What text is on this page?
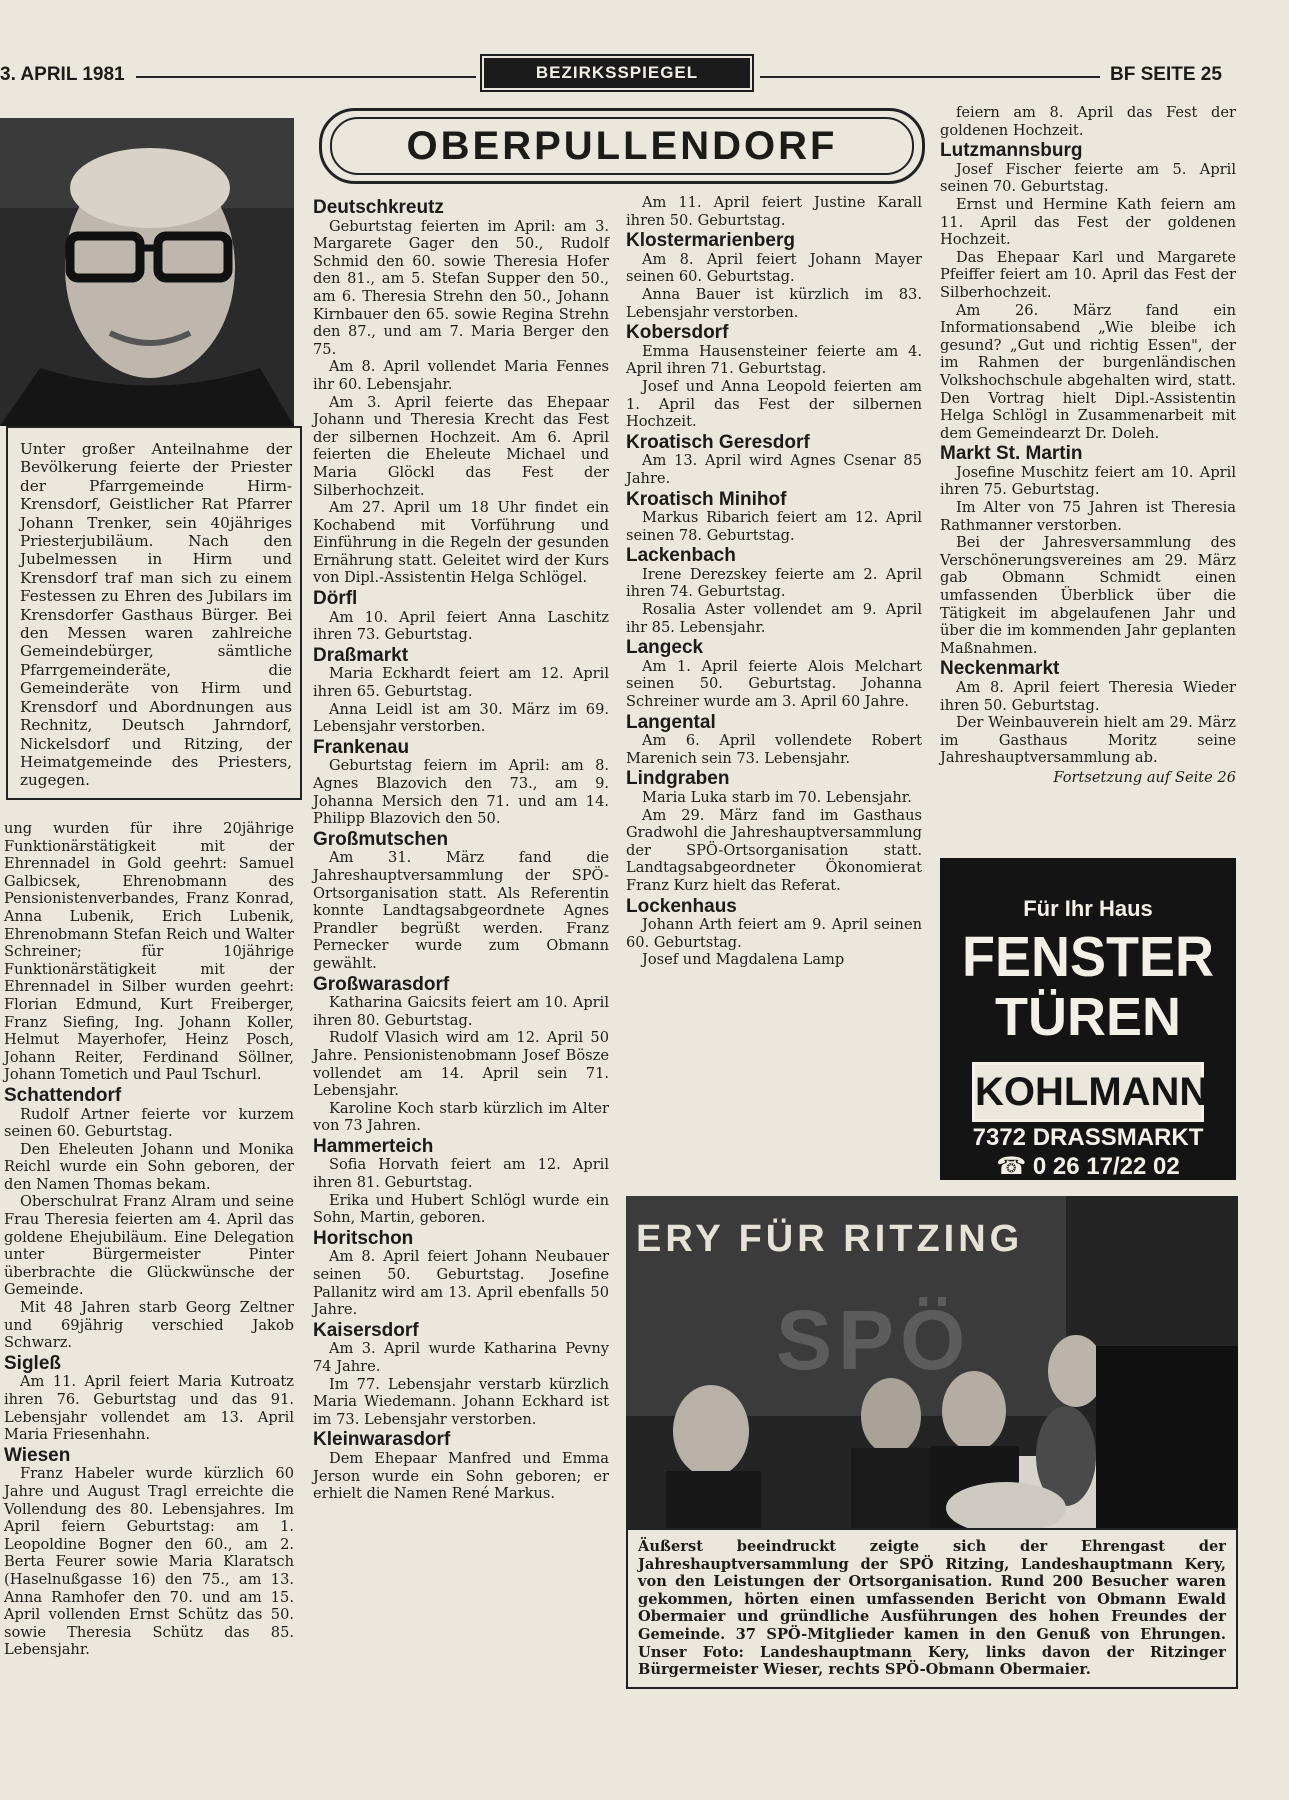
3. APRIL 1981	BEZIRKSSPIEGEL	BF SEITE 25
Unter großer Anteilnahme der Bevölkerung feierte der Priester der Pfarrgemeinde Hirm-Krensdorf, Geistlicher Rat Pfarrer Johann Trenker, sein 40jähriges Priesterjubiläum. Nach den Jubelmessen in Hirm und Krensdorf traf man sich zu einem Festessen zu Ehren des Jubilars im Krensdorfer Gasthaus Bürger. Bei den Messen waren zahlreiche Gemeindebürger, sämtliche Pfarrgemeinderäte, die Gemeinderäte von Hirm und Krensdorf und Abordnungen aus Rechnitz, Deutsch Jahrndorf, Nickelsdorf und Ritzing, der Heimatgemeinde des Priesters, zugegen.

ung wurden für ihre 20jährige Funktionärstätigkeit mit der Ehrennadel in Gold geehrt: Samuel Galbicsek, Ehrenobmann des Pensionistenverbandes, Franz Konrad, Anna Lubenik, Erich Lubenik, Ehrenobmann Stefan Reich und Walter Schreiner; für 10jährige Funktionärstätigkeit mit der Ehrennadel in Silber wurden geehrt: Florian Edmund, Kurt Freiberger, Franz Siefing, Ing. Johann Koller, Helmut Mayerhofer, Heinz Posch, Johann Reiter, Ferdinand Söllner, Johann Tometich und Paul Tschurl.

Schattendorf

Rudolf Artner feierte vor kurzem seinen 60. Geburtstag.

Den Eheleuten Johann und Monika Reichl wurde ein Sohn geboren, der den Namen Thomas bekam.

Oberschulrat Franz Alram und seine Frau Theresia feierten am 4. April das goldene Ehejubiläum. Eine Delegation unter Bürgermeister Pinter überbrachte die Glückwünsche der Gemeinde.

Mit 48 Jahren starb Georg Zeltner und 69jährig verschied Jakob Schwarz.

Sigleß

Am 11. April feiert Maria Kutroatz ihren 76. Geburtstag und das 91. Lebensjahr vollendet am 13. April Maria Friesenhahn.

Wiesen

Franz Habeler wurde kürzlich 60 Jahre und August Tragl erreichte die Vollendung des 80. Lebensjahres. Im April feiern Geburtstag: am 1. Leopoldine Bogner den 60., am 2. Berta Feurer sowie Maria Klaratsch (Haselnußgasse 16) den 75., am 13. Anna Ramhofer den 70. und am 15. April vollenden Ernst Schütz das 50. sowie Theresia Schütz das 85. Lebensjahr.

OBERPULLENDORF
Deutschkreutz

Geburtstag feierten im April: am 3. Margarete Gager den 50., Rudolf Schmid den 60. sowie Theresia Hofer den 81., am 5. Stefan Supper den 50., am 6. Theresia Strehn den 50., Johann Kirnbauer den 65. sowie Regina Strehn den 87., und am 7. Maria Berger den 75.

Am 8. April vollendet Maria Fennes ihr 60. Lebensjahr.

Am 3. April feierte das Ehepaar Johann und Theresia Krecht das Fest der silbernen Hochzeit. Am 6. April feierten die Eheleute Michael und Maria Glöckl das Fest der Silberhochzeit.

Am 27. April um 18 Uhr findet ein Kochabend mit Vorführung und Einführung in die Regeln der gesunden Ernährung statt. Geleitet wird der Kurs von Dipl.-Assistentin Helga Schlögel.

Dörfl

Am 10. April feiert Anna Laschitz ihren 73. Geburtstag.

Draßmarkt

Maria Eckhardt feiert am 12. April ihren 65. Geburtstag.

Anna Leidl ist am 30. März im 69. Lebensjahr verstorben.

Frankenau

Geburtstag feiern im April: am 8. Agnes Blazovich den 73., am 9. Johanna Mersich den 71. und am 14. Philipp Blazovich den 50.

Großmutschen

Am 31. März fand die Jahreshauptversammlung der SPÖ-Ortsorganisation statt. Als Referentin konnte Landtagsabgeordnete Agnes Prandler begrüßt werden. Franz Pernecker wurde zum Obmann gewählt.

Großwarasdorf

Katharina Gaicsits feiert am 10. April ihren 80. Geburtstag.

Rudolf Vlasich wird am 12. April 50 Jahre. Pensionistenobmann Josef Bösze vollendet am 14. April sein 71. Lebensjahr.

Karoline Koch starb kürzlich im Alter von 73 Jahren.

Hammerteich

Sofia Horvath feiert am 12. April ihren 81. Geburtstag.

Erika und Hubert Schlögl wurde ein Sohn, Martin, geboren.

Horitschon

Am 8. April feiert Johann Neubauer seinen 50. Geburtstag. Josefine Pallanitz wird am 13. April ebenfalls 50 Jahre.

Kaisersdorf

Am 3. April wurde Katharina Pevny 74 Jahre.

Im 77. Lebensjahr verstarb kürzlich Maria Wiedemann. Johann Eckhard ist im 73. Lebensjahr verstorben.

Kleinwarasdorf

Dem Ehepaar Manfred und Emma Jerson wurde ein Sohn geboren; er erhielt die Namen René Markus.

Am 11. April feiert Justine Karall ihren 50. Geburtstag.

Klostermarienberg

Am 8. April feiert Johann Mayer seinen 60. Geburtstag.

Anna Bauer ist kürzlich im 83. Lebensjahr verstorben.

Kobersdorf

Emma Hausensteiner feierte am 4. April ihren 71. Geburtstag.

Josef und Anna Leopold feierten am 1. April das Fest der silbernen Hochzeit.

Kroatisch Geresdorf

Am 13. April wird Agnes Csenar 85 Jahre.

Kroatisch Minihof

Markus Ribarich feiert am 12. April seinen 78. Geburtstag.

Lackenbach

Irene Derezskey feierte am 2. April ihren 74. Geburtstag.

Rosalia Aster vollendet am 9. April ihr 85. Lebensjahr.

Langeck

Am 1. April feierte Alois Melchart seinen 50. Geburtstag. Johanna Schreiner wurde am 3. April 60 Jahre.

Langental

Am 6. April vollendete Robert Marenich sein 73. Lebensjahr.

Lindgraben

Maria Luka starb im 70. Lebensjahr.

Am 29. März fand im Gasthaus Gradwohl die Jahreshauptversammlung der SPÖ-Ortsorganisation statt. Landtagsabgeordneter Ökonomierat Franz Kurz hielt das Referat.

Lockenhaus

Johann Arth feiert am 9. April seinen 60. Geburtstag.

Josef und Magdalena Lamp

feiern am 8. April das Fest der goldenen Hochzeit.

Lutzmannsburg

Josef Fischer feierte am 5. April seinen 70. Geburtstag.

Ernst und Hermine Kath feiern am 11. April das Fest der goldenen Hochzeit.

Das Ehepaar Karl und Margarete Pfeiffer feiert am 10. April das Fest der Silberhochzeit.

Am 26. März fand ein Informationsabend „Wie bleibe ich gesund? „Gut und richtig Essen", der im Rahmen der burgenländischen Volkshochschule abgehalten wird, statt. Den Vortrag hielt Dipl.-Assistentin Helga Schlögl in Zusammenarbeit mit dem Gemeindearzt Dr. Doleh.

Markt St. Martin

Josefine Muschitz feiert am 10. April ihren 75. Geburtstag.

Im Alter von 75 Jahren ist Theresia Rathmanner verstorben.

Bei der Jahresversammlung des Verschönerungsvereines am 29. März gab Obmann Schmidt einen umfassenden Überblick über die Tätigkeit im abgelaufenen Jahr und über die im kommenden Jahr geplanten Maßnahmen.

Neckenmarkt

Am 8. April feiert Theresia Wieder ihren 50. Geburtstag.

Der Weinbauverein hielt am 29. März im Gasthaus Moritz seine Jahreshauptversammlung ab.

Fortsetzung auf Seite 26

Für Ihr Haus
FENSTER
TÜREN
KOHLMANN
7372 DRASSMARKT
☎ 0 26 17/22 02
ERY FÜR RITZING
SPÖ
Äußerst beeindruckt zeigte sich der Ehrengast der Jahreshauptversammlung der SPÖ Ritzing, Landeshauptmann Kery, von den Leistungen der Ortsorganisation. Rund 200 Besucher waren gekommen, hörten einen umfassenden Bericht von Obmann Ewald Obermaier und gründliche Ausführungen des hohen Freundes der Gemeinde. 37 SPÖ-Mitglieder kamen in den Genuß von Ehrungen. Unser Foto: Landeshauptmann Kery, links davon der Ritzinger Bürgermeister Wieser, rechts SPÖ-Obmann Obermaier.
